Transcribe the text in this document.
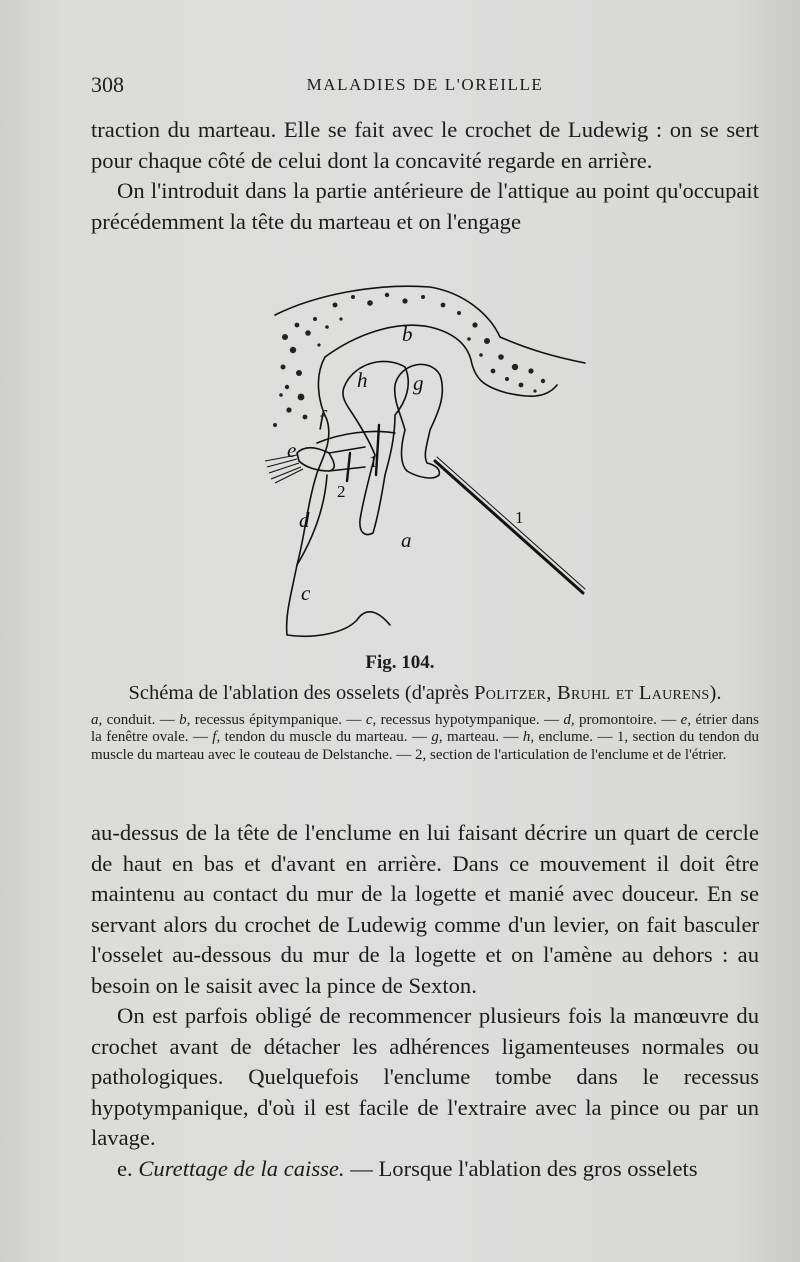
308	MALADIES DE L'OREILLE

traction du marteau. Elle se fait avec le crochet de Ludewig : on se sert pour chaque côté de celui dont la concavité regarde en arrière.

On l'introduit dans la partie antérieure de l'attique au point qu'occupait précédemment la tête du marteau et on l'engage

b
h g
f
e	1
2
d
a
1
c
Fig. 104.
Schéma de l'ablation des osselets (d'après Politzer, Bruhl et Laurens).
a, conduit. — b, recessus épitympanique. — c, recessus hypotympanique. — d, promontoire. — e, étrier dans la fenêtre ovale. — f, tendon du muscle du marteau. — g, marteau. — h, enclume. — 1, section du tendon du muscle du marteau avec le couteau de Delstanche. — 2, section de l'articulation de l'enclume et de l'étrier.

au-dessus de la tête de l'enclume en lui faisant décrire un quart de cercle de haut en bas et d'avant en arrière. Dans ce mouvement il doit être maintenu au contact du mur de la logette et manié avec douceur. En se servant alors du crochet de Ludewig comme d'un levier, on fait basculer l'osselet au-dessous du mur de la logette et on l'amène au dehors : au besoin on le saisit avec la pince de Sexton.

On est parfois obligé de recommencer plusieurs fois la manœuvre du crochet avant de détacher les adhérences ligamenteuses normales ou pathologiques. Quelquefois l'enclume tombe dans le recessus hypotympanique, d'où il est facile de l'extraire avec la pince ou par un lavage.

e. Curettage de la caisse. — Lorsque l'ablation des gros osselets
